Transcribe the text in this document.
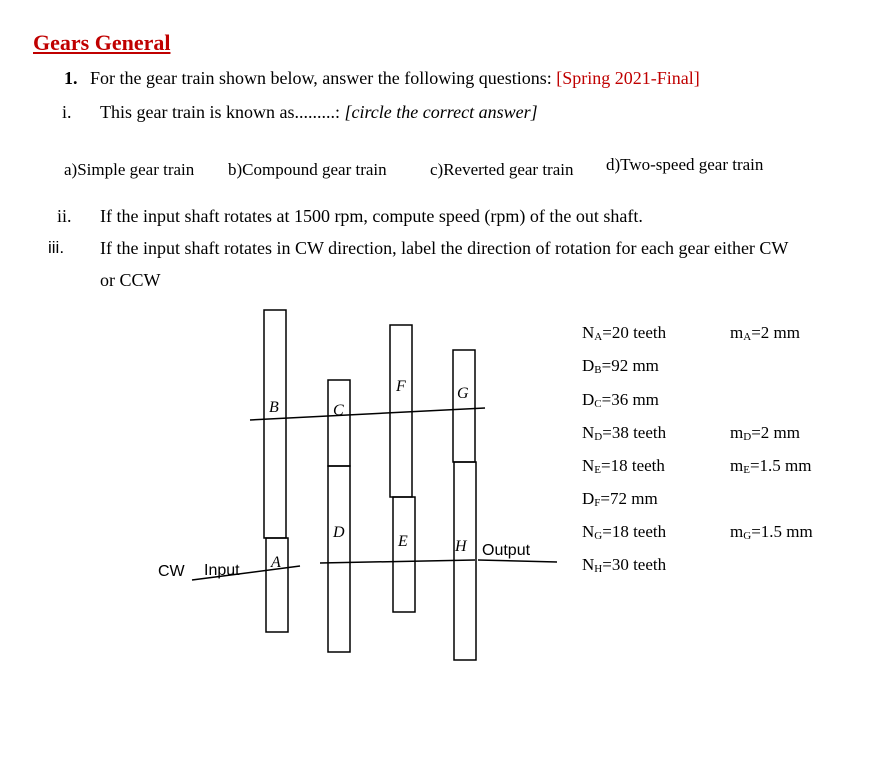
Gears General
1. For the gear train shown below, answer the following questions: [Spring 2021-Final]
i. This gear train is known as.........: [circle the correct answer]
a)Simple gear train b)Compound gear train	c)Reverted gear train d)Two-speed gear train
ii. If the input shaft rotates at 1500 rpm, compute speed (rpm) of the out shaft.
iii. If the input shaft rotates in CW direction, label the direction of rotation for each gear either CW
or CCW
B
A
C
D
F
E
G
H
CW Input
Output
$N_A=20$ teeth	$m_A=2$ mm
$D_B=92$ mm
$D_C=36$ mm
$N_D=38$ teeth	$m_D=2$ mm
$N_E=18$ teeth	$m_E=1.5$ mm
$D_F=72$ mm
$N_G=18$ teeth	$m_G=1.5$ mm
$N_H=30$ teeth
